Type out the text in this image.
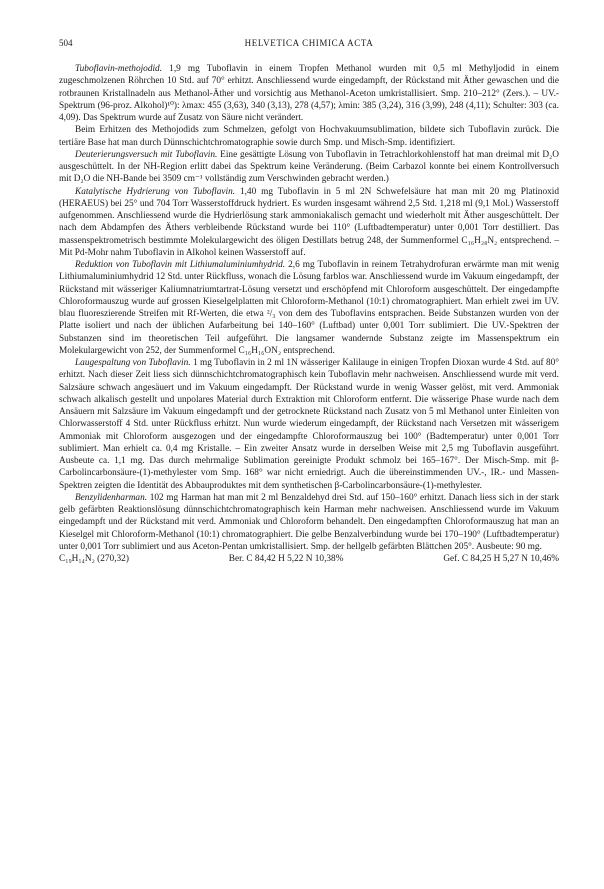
504	HELVETICA CHIMICA ACTA

Tuboflavin-methojodid. 1,9 mg Tuboflavin in einem Tropfen Methanol wurden mit 0,5 ml Methyljodid in einem zugeschmolzenen Röhrchen 10 Std. auf 70° erhitzt. Anschliessend wurde eingedampft, der Rückstand mit Äther gewaschen und die rotbraunen Kristallnadeln aus Methanol-Äther und vorsichtig aus Methanol-Aceton umkristallisiert. Smp. 210–212° (Zers.). – UV.-Spektrum (96-proz. Alkohol)¹⁰): λmax: 455 (3,63), 340 (3,13), 278 (4,57); λmin: 385 (3,24), 316 (3,99), 248 (4,11); Schulter: 303 (ca. 4,09). Das Spektrum wurde auf Zusatz von Säure nicht verändert.

Beim Erhitzen des Methojodids zum Schmelzen, gefolgt von Hochvakuumsublimation, bildete sich Tuboflavin zurück. Die tertiäre Base hat man durch Dünnschichtchromatographie sowie durch Smp. und Misch-Smp. identifiziert.

Deuterierungsversuch mit Tuboflavin. Eine gesättigte Lösung von Tuboflavin in Tetrachlorkohlenstoff hat man dreimal mit D₂O ausgeschüttelt. In der NH-Region erlitt dabei das Spektrum keine Veränderung. (Beim Carbazol konnte bei einem Kontrollversuch mit D₂O die NH-Bande bei 3509 cm⁻¹ vollständig zum Verschwinden gebracht werden.)

Katalytische Hydrierung von Tuboflavin. 1,40 mg Tuboflavin in 5 ml 2N Schwefelsäure hat man mit 20 mg Platinoxid (HERAEUS) bei 25° und 704 Torr Wasserstoffdruck hydriert. Es wurden insgesamt während 2,5 Std. 1,218 ml (9,1 Mol.) Wasserstoff aufgenommen. Anschliessend wurde die Hydrierlösung stark ammoniakalisch gemacht und wiederholt mit Äther ausgeschüttelt. Der nach dem Abdampfen des Äthers verbleibende Rückstand wurde bei 110° (Luftbadtemperatur) unter 0,001 Torr destilliert. Das massenspektrometrisch bestimmte Molekulargewicht des öligen Destillats betrug 248, der Summenformel C₁₆H₂₈N₂ entsprechend. – Mit Pd-Mohr nahm Tuboflavin in Alkohol keinen Wasserstoff auf.

Reduktion von Tuboflavin mit Lithiumaluminiumhydrid. 2,6 mg Tuboflavin in reinem Tetrahydrofuran erwärmte man mit wenig Lithiumaluminiumhydrid 12 Std. unter Rückfluss, wonach die Lösung farblos war. Anschliessend wurde im Vakuum eingedampft, der Rückstand mit wässeriger Kaliumnatriumtartrat-Lösung versetzt und erschöpfend mit Chloroform ausgeschüttelt. Der eingedampfte Chloroformauszug wurde auf grossen Kieselgelplatten mit Chloroform-Methanol (10:1) chromatographiert. Man erhielt zwei im UV. blau fluoreszierende Streifen mit Rf-Werten, die etwa ²/₃ von dem des Tuboflavins entsprachen. Beide Substanzen wurden von der Platte isoliert und nach der üblichen Aufarbeitung bei 140–160° (Luftbad) unter 0,001 Torr sublimiert. Die UV.-Spektren der Substanzen sind im theoretischen Teil aufgeführt. Die langsamer wandernde Substanz zeigte im Massenspektrum ein Molekulargewicht von 252, der Summenformel C₁₆H₁₆ON₂ entsprechend.

Laugespaltung von Tuboflavin. 1 mg Tuboflavin in 2 ml 1N wässeriger Kalilauge in einigen Tropfen Dioxan wurde 4 Std. auf 80° erhitzt. Nach dieser Zeit liess sich dünnschichtchromatographisch kein Tuboflavin mehr nachweisen. Anschliessend wurde mit verd. Salzsäure schwach angesäuert und im Vakuum eingedampft. Der Rückstand wurde in wenig Wasser gelöst, mit verd. Ammoniak schwach alkalisch gestellt und unpolares Material durch Extraktion mit Chloroform entfernt. Die wässerige Phase wurde nach dem Ansäuern mit Salzsäure im Vakuum eingedampft und der getrocknete Rückstand nach Zusatz von 5 ml Methanol unter Einleiten von Chlorwasserstoff 4 Std. unter Rückfluss erhitzt. Nun wurde wiederum eingedampft, der Rückstand nach Versetzen mit wässerigem Ammoniak mit Chloroform ausgezogen und der eingedampfte Chloroformauszug bei 100° (Badtemperatur) unter 0,001 Torr sublimiert. Man erhielt ca. 0,4 mg Kristalle. – Ein zweiter Ansatz wurde in derselben Weise mit 2,5 mg Tuboflavin ausgeführt. Ausbeute ca. 1,1 mg. Das durch mehrmalige Sublimation gereinigte Produkt schmolz bei 165–167°. Der Misch-Smp. mit β-Carbolincarbonsäure-(1)-methylester vom Smp. 168° war nicht erniedrigt. Auch die übereinstimmenden UV.-, IR.- und Massen-Spektren zeigten die Identität des Abbauproduktes mit dem synthetischen β-Carbolincarbonsäure-(1)-methylester.

Benzylidenharman. 102 mg Harman hat man mit 2 ml Benzaldehyd drei Std. auf 150–160° erhitzt. Danach liess sich in der stark gelb gefärbten Reaktionslösung dünnschichtchromatographisch kein Harman mehr nachweisen. Anschliessend wurde im Vakuum eingedampft und der Rückstand mit verd. Ammoniak und Chloroform behandelt. Den eingedampften Chloroformauszug hat man an Kieselgel mit Chloroform-Methanol (10:1) chromatographiert. Die gelbe Benzalverbindung wurde bei 170–190° (Luftbadtemperatur) unter 0,001 Torr sublimiert und aus Aceton-Pentan umkristallisiert. Smp. der hellgelb gefärbten Blättchen 205°. Ausbeute: 90 mg.

C₁₉H₁₄N₂ (270,32)	Ber. C 84,42 H 5,22 N 10,38%	Gef. C 84,25 H 5,27 N 10,46%
